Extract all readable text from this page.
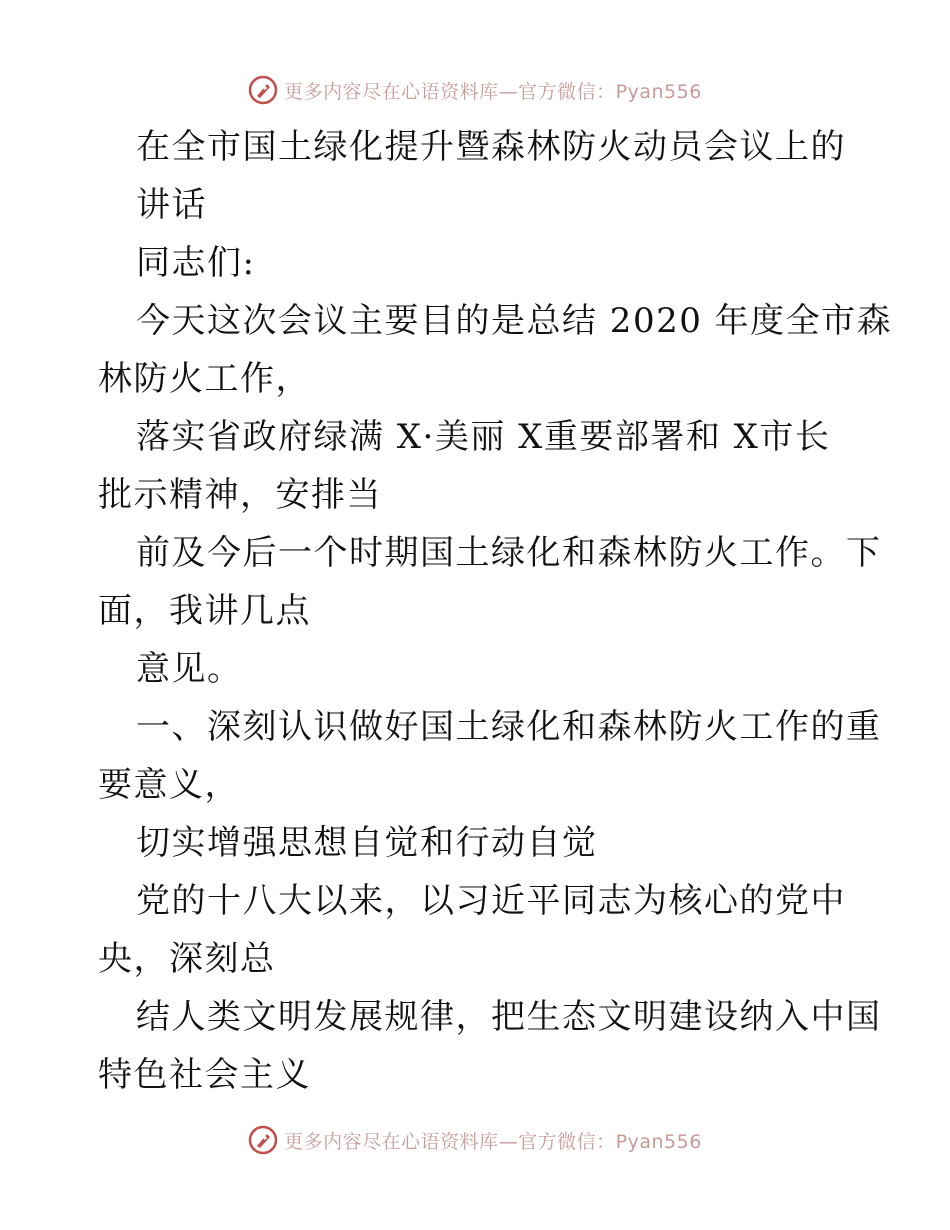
更多内容尽在心语资料库—官方微信：Pyan556
在全市国土绿化提升暨森林防火动员会议上的
讲话
同志们:
今天这次会议主要目的是总结 2020 年度全市森
林防火工作，
落实省政府绿满 X·美丽 X重要部署和 X市长
批示精神，安排当
前及今后一个时期国土绿化和森林防火工作。下
面，我讲几点
意见。
一、深刻认识做好国土绿化和森林防火工作的重
要意义，
切实增强思想自觉和行动自觉
党的十八大以来，以习近平同志为核心的党中
央，深刻总
结人类文明发展规律，把生态文明建设纳入中国
特色社会主义
更多内容尽在心语资料库—官方微信：Pyan556
